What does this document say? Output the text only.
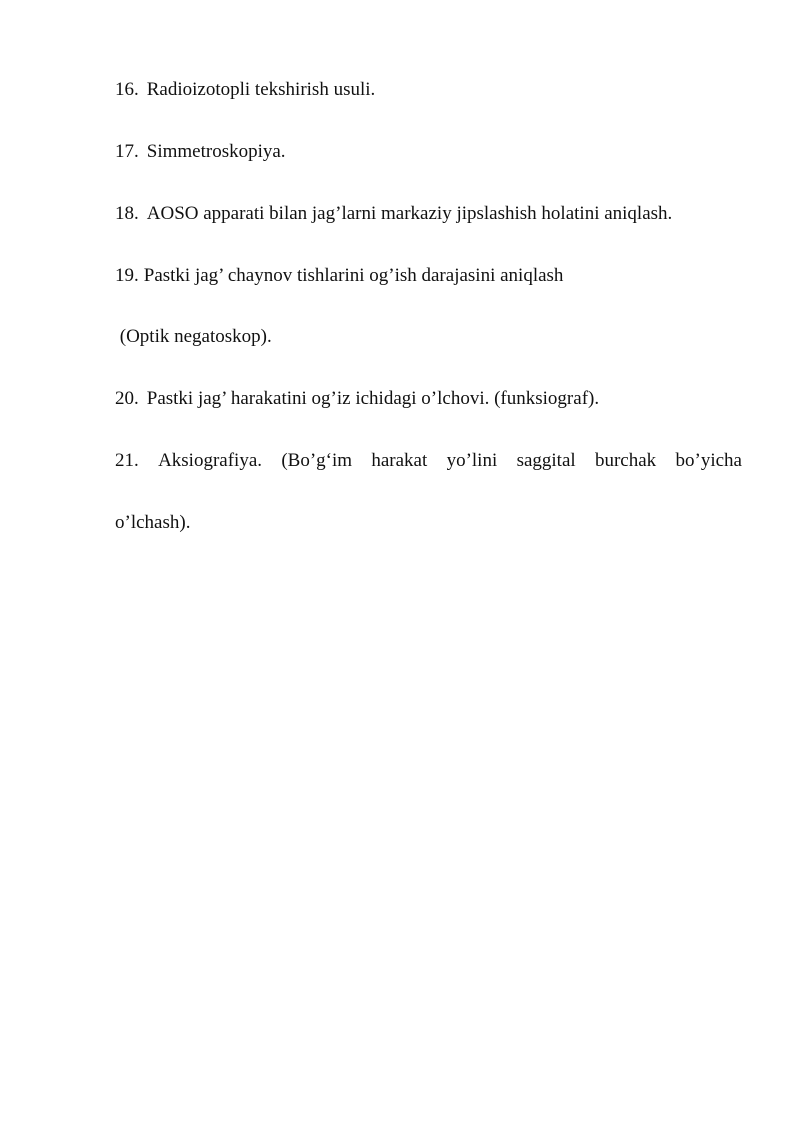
16. Radioizotopli tekshirish usuli.

17. Simmetroskopiya.

18. AOSO apparati bilan jag’larni markaziy jipslashish holatini aniqlash.

19. Pastki jag’ chaynov tishlarini og’ish darajasini aniqlash

(Optik negatoskop).

20. Pastki jag’ harakatini og’iz ichidagi o’lchovi. (funksiograf).

21. Aksiografiya. (Bo’g‘im harakat yo’lini saggital burchak bo’yicha

o’lchash).
